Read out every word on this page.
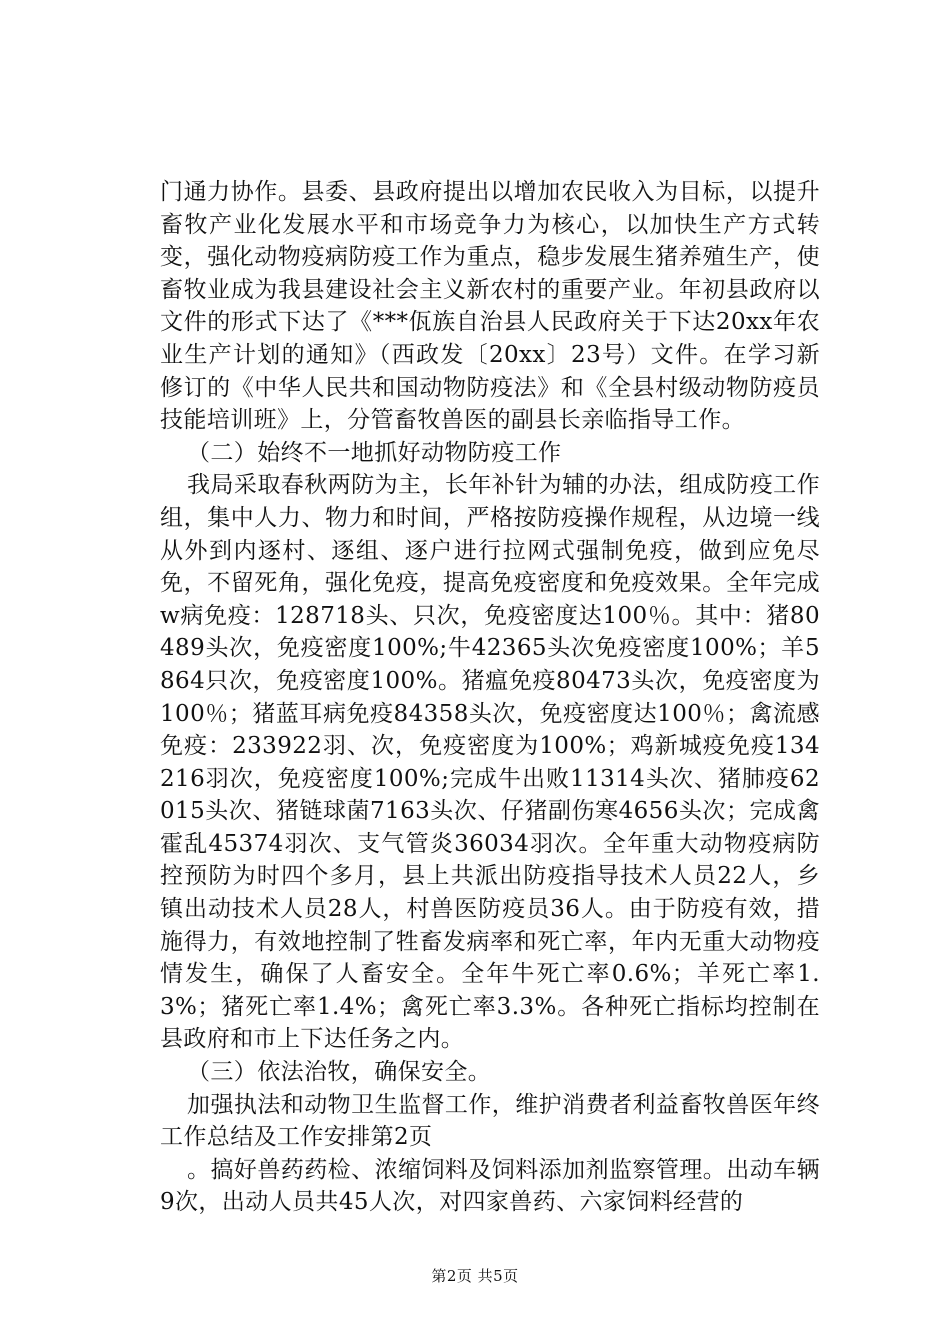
门通力协作。县委、县政府提出以增加农民收入为目标，以提升畜牧产业化发展水平和市场竞争力为核心，以加快生产方式转变，强化动物疫病防疫工作为重点，稳步发展生猪养殖生产，使畜牧业成为我县建设社会主义新农村的重要产业。年初县政府以文件的形式下达了《***佤族自治县人民政府关于下达20xx年农业生产计划的通知》（西政发〔20xx〕23号）文件。在学习新修订的《中华人民共和国动物防疫法》和《全县村级动物防疫员技能培训班》上，分管畜牧兽医的副县长亲临指导工作。

（二）始终不一地抓好动物防疫工作

我局采取春秋两防为主，长年补针为辅的办法，组成防疫工作组，集中人力、物力和时间，严格按防疫操作规程，从边境一线从外到内逐村、逐组、逐户进行拉网式强制免疫，做到应免尽免，不留死角，强化免疫，提高免疫密度和免疫效果。全年完成w病免疫：128718头、只次，免疫密度达100％。其中：猪80489头次，免疫密度100%;牛42365头次免疫密度100%；羊5864只次，免疫密度100%。猪瘟免疫80473头次，免疫密度为100％；猪蓝耳病免疫84358头次，免疫密度达100％；禽流感免疫：233922羽、次，免疫密度为100%；鸡新城疫免疫134216羽次，免疫密度100%;完成牛出败11314头次、猪肺疫62015头次、猪链球菌7163头次、仔猪副伤寒4656头次；完成禽霍乱45374羽次、支气管炎36034羽次。全年重大动物疫病防控预防为时四个多月，县上共派出防疫指导技术人员22人，乡镇出动技术人员28人，村兽医防疫员36人。由于防疫有效，措施得力，有效地控制了牲畜发病率和死亡率，年内无重大动物疫情发生，确保了人畜安全。全年牛死亡率0.6%；羊死亡率1.3%；猪死亡率1.4%；禽死亡率3.3%。各种死亡指标均控制在县政府和市上下达任务之内。

（三）依法治牧，确保安全。

加强执法和动物卫生监督工作，维护消费者利益畜牧兽医年终工作总结及工作安排第2页

。搞好兽药药检、浓缩饲料及饲料添加剂监察管理。出动车辆9次，出动人员共45人次，对四家兽药、六家饲料经营的

第2页 共5页
